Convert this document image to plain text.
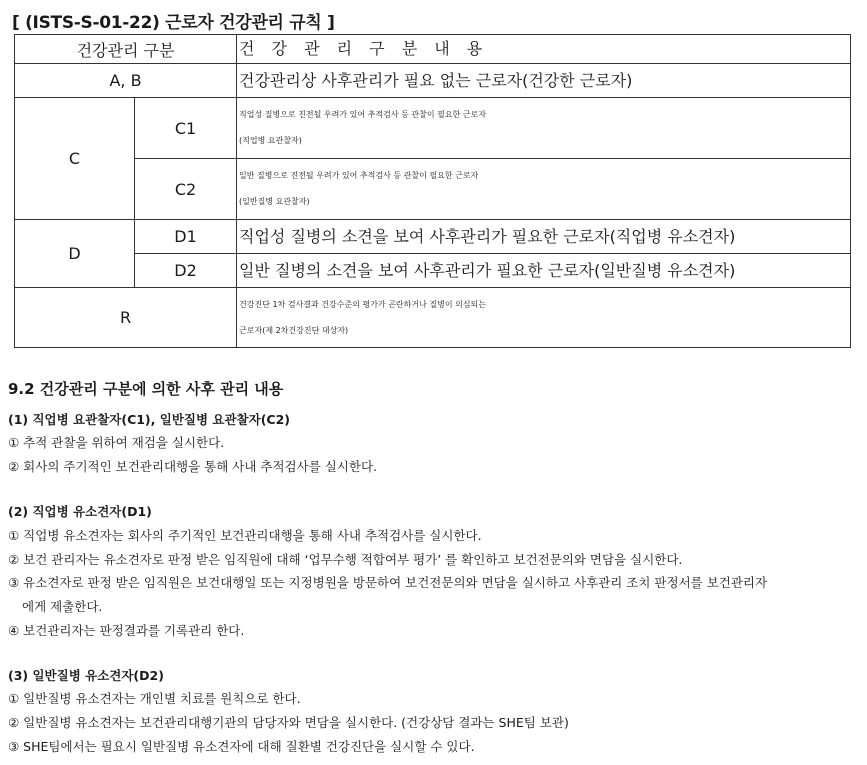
[ (ISTS-S-01-22) 근로자 건강관리 규칙 ]
건강관리 구분		건 강 관 리 구 분 내 용
A, B		건강관리상 사후관리가 필요 없는 근로자(건강한 근로자)
C	C1	직업성 질병으로 진전될 우려가 있어 추적검사 등 관찰이 필요한 근로자
(직업병 요관찰자)

	C2	일반 질병으로 진전될 우려가 있어 추적검사 등 관찰이 필요한 근로자
(일반질병 요관찰자)

D	D1	직업성 질병의 소견을 보여 사후관리가 필요한 근로자(직업병 유소견자)
	D2	일반 질병의 소견을 보여 사후관리가 필요한 근로자(일반질병 유소견자)
R		건강진단 1차 검사결과 건강수준의 평가가 곤란하거나 질병이 의심되는
근로자(제 2차건강진단 대상자)
9.2 건강관리 구분에 의한 사후 관리 내용
(1) 직업병 요관찰자(C1), 일반질병 요관찰자(C2)
① 추적 관찰을 위하여 재검을 실시한다.
② 회사의 주기적인 보건관리대행을 통해 사내 추적검사를 실시한다.
(2) 직업병 유소견자(D1)
① 직업병 유소견자는 회사의 주기적인 보건관리대행을 통해 사내 추적검사를 실시한다.
② 보건 관리자는 유소견자로 판정 받은 임직원에 대해 ‘업무수행 적합여부 평가’ 를 확인하고 보건전문의와 면담을 실시한다.
③ 유소견자로 판정 받은 임직원은 보건대행일 또는 지정병원을 방문하여 보건전문의와 면담을 실시하고 사후관리 조치 판정서를 보건관리자
에게 제출한다.
④ 보건관리자는 판정결과를 기록관리 한다.
(3) 일반질병 유소견자(D2)
① 일반질병 유소견자는 개인별 치료를 원칙으로 한다.
② 일반질병 유소견자는 보건관리대행기관의 담당자와 면담을 실시한다. (건강상담 결과는 SHE팀 보관)
③ SHE팀에서는 필요시 일반질병 유소견자에 대해 질환별 건강진단을 실시할 수 있다.
